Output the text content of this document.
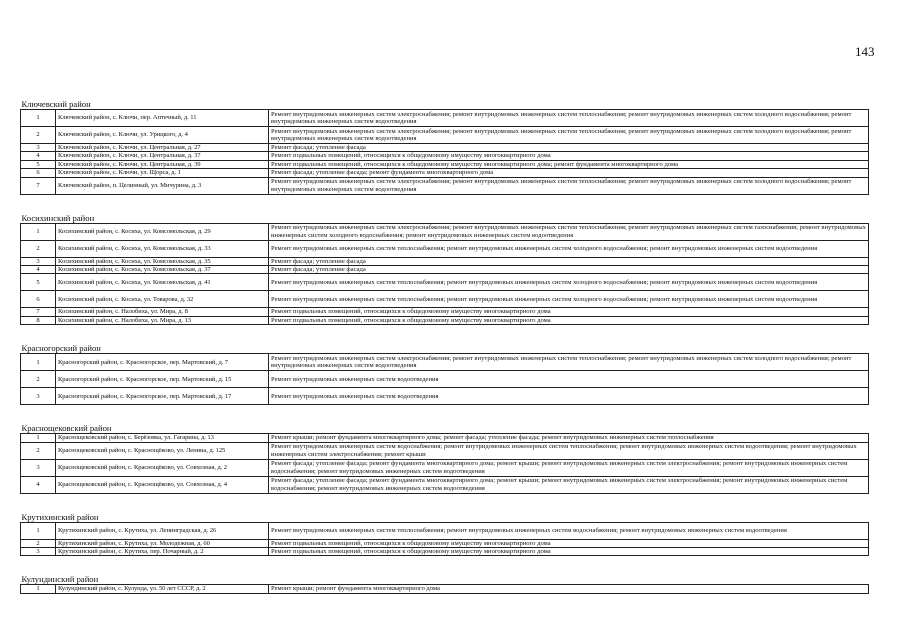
143
Ключевский район		
1	Ключевский район, с. Ключи, пер. Аптечный, д. 11	Ремонт внутридомовых инженерных систем электроснабжения; ремонт внутридомовых инженерных систем теплоснабжения; ремонт внутридомовых инженерных систем холодного водоснабжения; ремонт внутридомовых инженерных систем водоотведения
2	Ключевский район, с. Ключи, ул. Урицкого, д. 4	Ремонт внутридомовых инженерных систем электроснабжения; ремонт внутридомовых инженерных систем теплоснабжения; ремонт внутридомовых инженерных систем холодного водоснабжения; ремонт внутридомовых инженерных систем водоотведения
3	Ключевский район, с. Ключи, ул. Центральная, д. 27	Ремонт фасада; утепление фасада
4	Ключевский район, с. Ключи, ул. Центральная, д. 37	Ремонт подвальных помещений, относящихся к общедомовому имуществу многоквартирного дома
5	Ключевский район, с. Ключи, ул. Центральная, д. 39	Ремонт подвальных помещений, относящихся к общедомовому имуществу многоквартирного дома; ремонт фундамента многоквартирного дома
6	Ключевский район, с. Ключи, ул. Щорса, д. 1	Ремонт фасада; утепление фасада; ремонт фундамента многоквартирного дома
7	Ключевский район, п. Целинный, ул. Мичурина, д. 3	Ремонт внутридомовых инженерных систем электроснабжения; ремонт внутридомовых инженерных систем теплоснабжения; ремонт внутридомовых инженерных систем холодного водоснабжения; ремонт внутридомовых инженерных систем водоотведения

Косихинский район		
1	Косихинский район, с. Косиха, ул. Комсомольская, д. 29	Ремонт внутридомовых инженерных систем электроснабжения; ремонт внутридомовых инженерных систем теплоснабжения; ремонт внутридомовых инженерных систем газоснабжения; ремонт внутридомовых инженерных систем холодного водоснабжения; ремонт внутридомовых инженерных систем водоотведения
2	Косихинский район, с. Косиха, ул. Комсомольская, д. 33	Ремонт внутридомовых инженерных систем теплоснабжения; ремонт внутридомовых инженерных систем холодного водоснабжения; ремонт внутридомовых инженерных систем водоотведения
3	Косихинский район, с. Косиха, ул. Комсомольская, д. 35	Ремонт фасада; утепление фасада
4	Косихинский район, с. Косиха, ул. Комсомольская, д. 37	Ремонт фасада; утепление фасада
5	Косихинский район, с. Косиха, ул. Комсомольская, д. 41	Ремонт внутридомовых инженерных систем теплоснабжения; ремонт внутридомовых инженерных систем холодного водоснабжения; ремонт внутридомовых инженерных систем водоотведения
6	Косихинский район, с. Косиха, ул. Товарова, д. 32	Ремонт внутридомовых инженерных систем теплоснабжения; ремонт внутридомовых инженерных систем холодного водоснабжения; ремонт внутридомовых инженерных систем водоотведения
7	Косихинский район, с. Налобиха, ул. Мира, д. 8	Ремонт подвальных помещений, относящихся к общедомовому имуществу многоквартирного дома
8	Косихинский район, с. Налобиха, ул. Мира, д. 13	Ремонт подвальных помещений, относящихся к общедомовому имуществу многоквартирного дома

Красногорский район		
1	Красногорский район, с. Красногорское, пер. Мартовский, д. 7	Ремонт внутридомовых инженерных систем электроснабжения; ремонт внутридомовых инженерных систем теплоснабжения; ремонт внутридомовых инженерных систем холодного водоснабжения; ремонт внутридомовых инженерных систем водоотведения
2	Красногорский район, с. Красногорское, пер. Мартовский, д. 15	Ремонт внутридомовых инженерных систем водоотведения
3	Красногорский район, с. Красногорское, пер. Мартовский, д. 17	Ремонт внутридомовых инженерных систем водоотведения

Краснощековский район		
1	Краснощековский район, с. Берёзовка, ул. Гагарина, д. 13	Ремонт крыши; ремонт фундамента многоквартирного дома; ремонт фасада; утепление фасада; ремонт внутридомовых инженерных систем теплоснабжения
2	Краснощековский район, с. Краснощёково, ул. Ленина, д. 125	Ремонт внутридомовых инженерных систем водоснабжения; ремонт внутридомовых инженерных систем теплоснабжения; ремонт внутридомовых инженерных систем водоотведения; ремонт внутридомовых инженерных систем электроснабжения; ремонт крыши
3	Краснощековский район, с. Краснощёково, ул. Совхозная, д. 2	Ремонт фасада; утепление фасада; ремонт фундамента многоквартирного дома; ремонт крыши; ремонт внутридомовых инженерных систем электроснабжения; ремонт внутридомовых инженерных систем водоснабжения; ремонт внутридомовых инженерных систем водоотведения
4	Краснощековский район, с. Краснощёково, ул. Совхозная, д. 4	Ремонт фасада; утепление фасада; ремонт фундамента многоквартирного дома; ремонт крыши; ремонт внутридомовых инженерных систем электроснабжения; ремонт внутридомовых инженерных систем водоснабжения; ремонт внутридомовых инженерных систем водоотведения

Крутихинский район		
1	Крутихинский район, с. Крутиха, ул. Ленинградская, д. 26	Ремонт внутридомовых инженерных систем теплоснабжения; ремонт внутридомовых инженерных систем водоснабжения; ремонт внутридомовых инженерных систем водоотведения
2	Крутихинский район, с. Крутиха, ул. Молодежная, д. 60	Ремонт подвальных помещений, относящихся к общедомовому имуществу многоквартирного дома
3	Крутихинский район, с. Крутиха, пер. Почарный, д. 2	Ремонт подвальных помещений, относящихся к общедомовому имуществу многоквартирного дома

Кулундинский район		
1	Кулундинский район, с. Кулунда, ул. 50 лет СССР, д. 2	Ремонт крыши; ремонт фундамента многоквартирного дома
